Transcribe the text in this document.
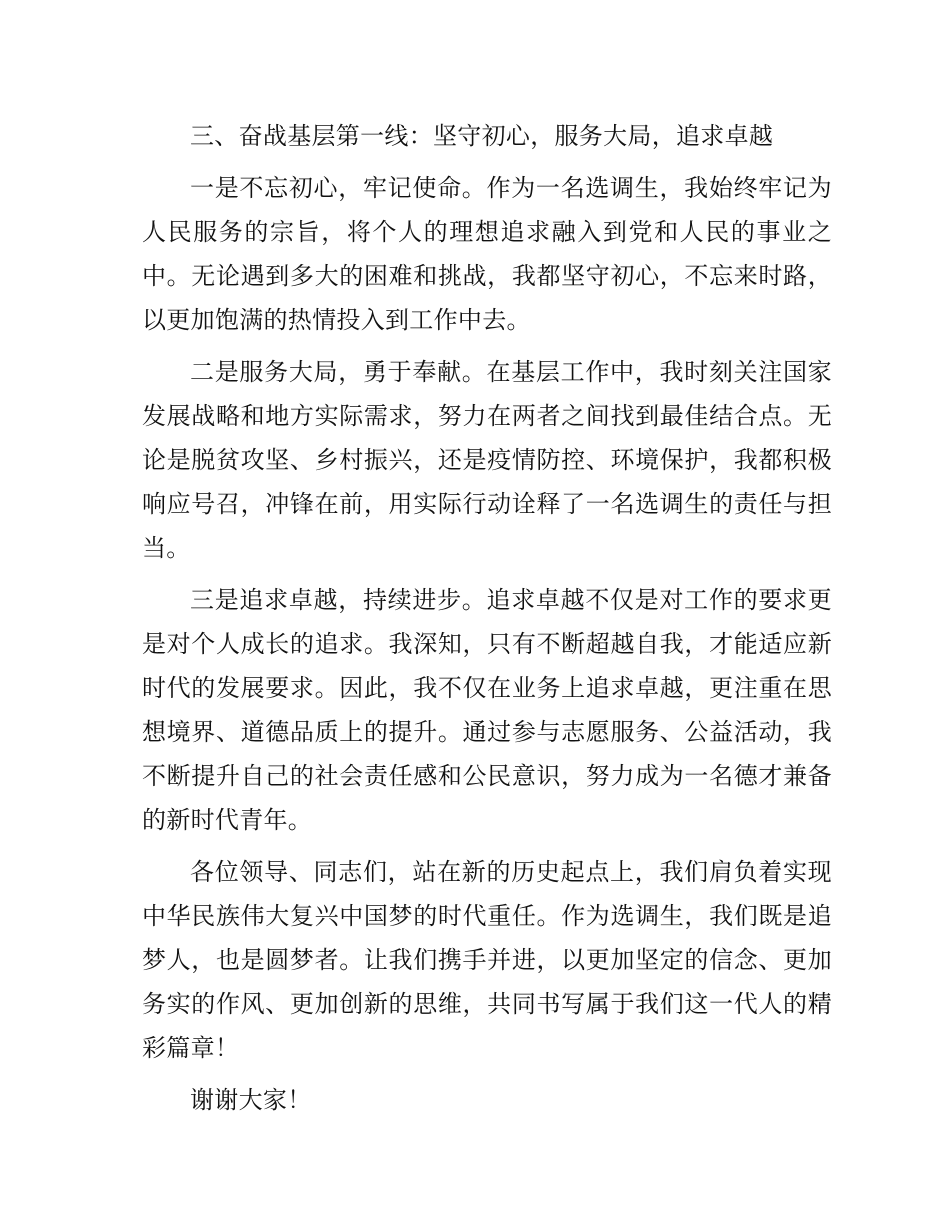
三、奋战基层第一线：坚守初心，服务大局，追求卓越

一是不忘初心，牢记使命。作为一名选调生，我始终牢记为人民服务的宗旨，将个人的理想追求融入到党和人民的事业之中。无论遇到多大的困难和挑战，我都坚守初心，不忘来时路，以更加饱满的热情投入到工作中去。

二是服务大局，勇于奉献。在基层工作中，我时刻关注国家发展战略和地方实际需求，努力在两者之间找到最佳结合点。无论是脱贫攻坚、乡村振兴，还是疫情防控、环境保护，我都积极响应号召，冲锋在前，用实际行动诠释了一名选调生的责任与担当。

三是追求卓越，持续进步。追求卓越不仅是对工作的要求更是对个人成长的追求。我深知，只有不断超越自我，才能适应新时代的发展要求。因此，我不仅在业务上追求卓越，更注重在思想境界、道德品质上的提升。通过参与志愿服务、公益活动，我不断提升自己的社会责任感和公民意识，努力成为一名德才兼备的新时代青年。

各位领导、同志们，站在新的历史起点上，我们肩负着实现中华民族伟大复兴中国梦的时代重任。作为选调生，我们既是追梦人，也是圆梦者。让我们携手并进，以更加坚定的信念、更加务实的作风、更加创新的思维，共同书写属于我们这一代人的精彩篇章！

谢谢大家！
